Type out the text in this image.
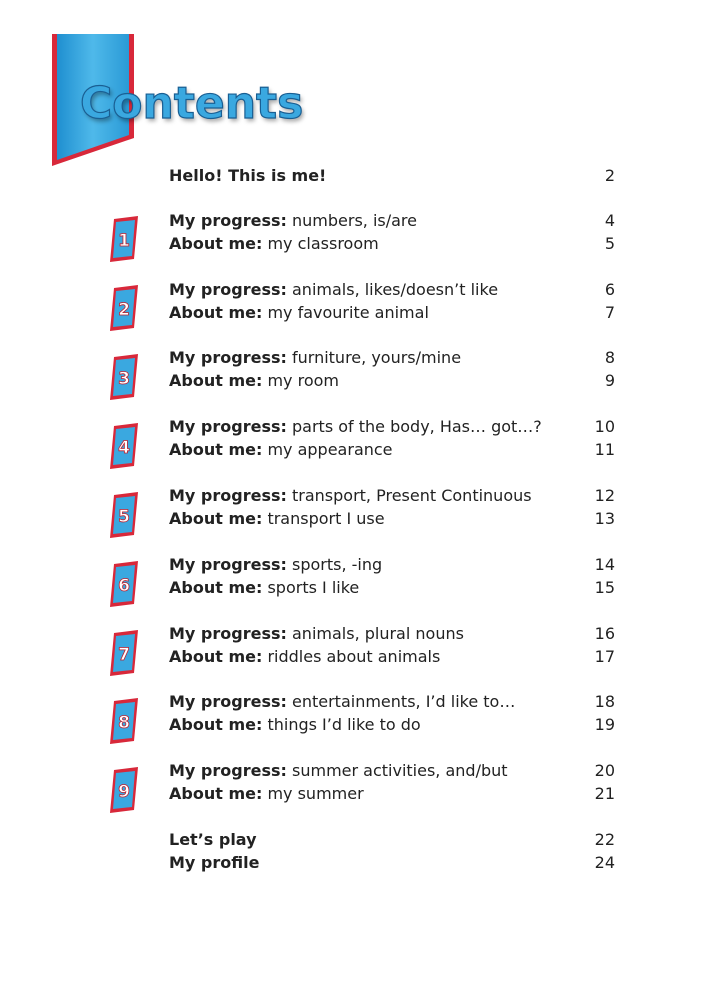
Contents
Hello! This is me!	2
1
My progress: numbers, is/are	4
About me: my classroom	5
2
My progress: animals, likes/doesn’t like	6
About me: my favourite animal	7
3
My progress: furniture, yours/mine	8
About me: my room	9
4
My progress: parts of the body, Has… got…?	10
About me: my appearance	11
5
My progress: transport, Present Continuous	12
About me: transport I use	13
6
My progress: sports, -ing	14
About me: sports I like	15
7
My progress: animals, plural nouns	16
About me: riddles about animals	17
8
My progress: entertainments, I’d like to…	18
About me: things I’d like to do	19
9
My progress: summer activities, and/but	20
About me: my summer	21
Let’s play	22
My profile	24
